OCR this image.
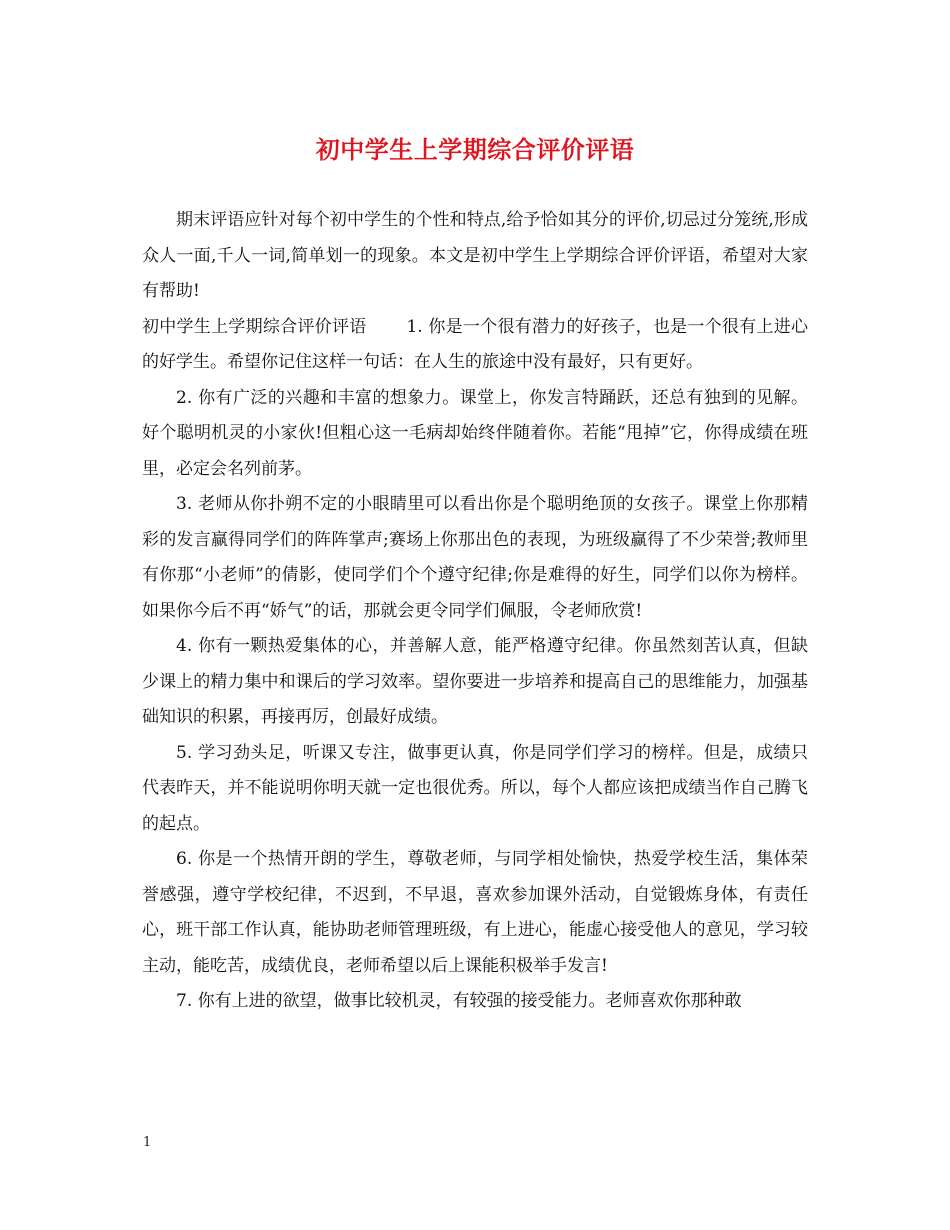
初中学生上学期综合评价评语

期末评语应针对每个初中学生的个性和特点,给予恰如其分的评价,切忌过分笼统,形成众人一面,千人一词,简单划一的现象。本文是初中学生上学期综合评价评语，希望对大家有帮助!

初中学生上学期综合评价评语 1. 你是一个很有潜力的好孩子，也是一个很有上进心的好学生。希望你记住这样一句话：在人生的旅途中没有最好，只有更好。

2. 你有广泛的兴趣和丰富的想象力。课堂上，你发言特踊跃，还总有独到的见解。好个聪明机灵的小家伙!但粗心这一毛病却始终伴随着你。若能“甩掉”它，你得成绩在班里，必定会名列前茅。

3. 老师从你扑朔不定的小眼睛里可以看出你是个聪明绝顶的女孩子。课堂上你那精彩的发言赢得同学们的阵阵掌声;赛场上你那出色的表现，为班级赢得了不少荣誉;教师里有你那“小老师”的倩影，使同学们个个遵守纪律;你是难得的好生，同学们以你为榜样。如果你今后不再“娇气”的话，那就会更令同学们佩服，令老师欣赏!

4. 你有一颗热爱集体的心，并善解人意，能严格遵守纪律。你虽然刻苦认真，但缺少课上的精力集中和课后的学习效率。望你要进一步培养和提高自己的思维能力，加强基础知识的积累，再接再厉，创最好成绩。

5. 学习劲头足，听课又专注，做事更认真，你是同学们学习的榜样。但是，成绩只代表昨天，并不能说明你明天就一定也很优秀。所以，每个人都应该把成绩当作自己腾飞的起点。

6. 你是一个热情开朗的学生，尊敬老师，与同学相处愉快，热爱学校生活，集体荣誉感强，遵守学校纪律，不迟到，不早退，喜欢参加课外活动，自觉锻炼身体，有责任心，班干部工作认真，能协助老师管理班级，有上进心，能虚心接受他人的意见，学习较主动，能吃苦，成绩优良，老师希望以后上课能积极举手发言!

7. 你有上进的欲望，做事比较机灵，有较强的接受能力。老师喜欢你那种敢

1
